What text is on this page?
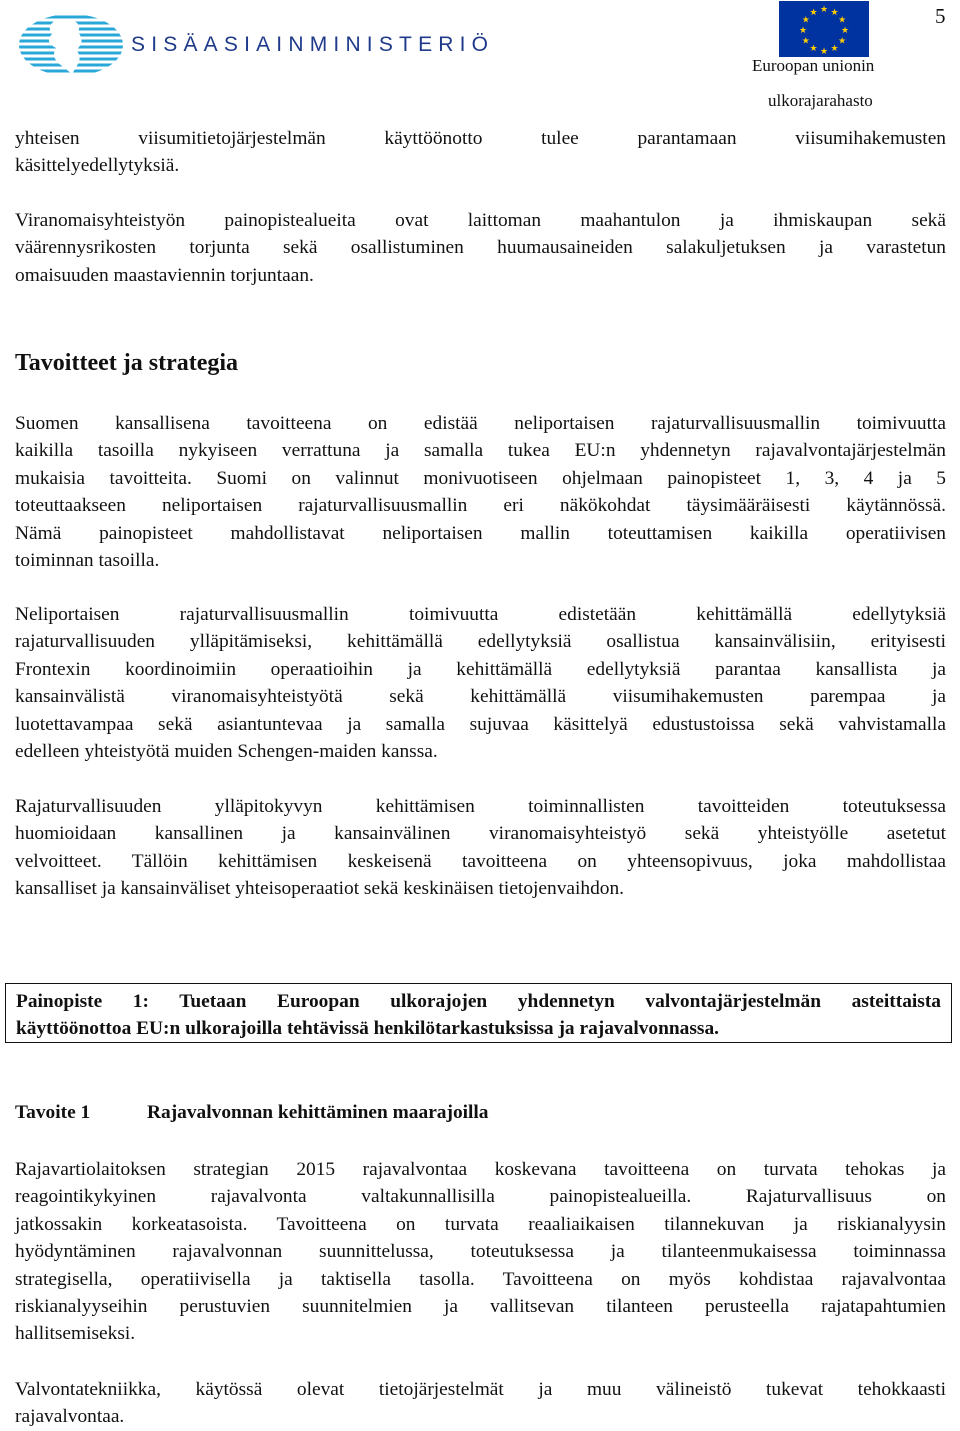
SISÄASIAINMINISTERIÖ
★ ★
★
★
★
★
★
★
★
★
★
★
Euroopan unionin
ulkorajarahasto
5
yhteisen viisumitietojärjestelmän käyttöönotto tulee parantamaan viisumihakemusten
käsittelyedellytyksiä.
Viranomaisyhteistyön painopistealueita ovat laittoman maahantulon ja ihmiskaupan sekä
väärennysrikosten torjunta sekä osallistuminen huumausaineiden salakuljetuksen ja varastetun
omaisuuden maastaviennin torjuntaan.
Tavoitteet ja strategia
Suomen kansallisena tavoitteena on edistää neliportaisen rajaturvallisuusmallin toimivuutta
kaikilla tasoilla nykyiseen verrattuna ja samalla tukea EU:n yhdennetyn rajavalvontajärjestelmän
mukaisia tavoitteita. Suomi on valinnut monivuotiseen ohjelmaan painopisteet 1, 3, 4 ja 5
toteuttaakseen neliportaisen rajaturvallisuusmallin eri näkökohdat täysimääräisesti käytännössä.
Nämä painopisteet mahdollistavat neliportaisen mallin toteuttamisen kaikilla operatiivisen
toiminnan tasoilla.
Neliportaisen rajaturvallisuusmallin toimivuutta edistetään kehittämällä edellytyksiä
rajaturvallisuuden ylläpitämiseksi, kehittämällä edellytyksiä osallistua kansainvälisiin, erityisesti
Frontexin koordinoimiin operaatioihin ja kehittämällä edellytyksiä parantaa kansallista ja
kansainvälistä viranomaisyhteistyötä sekä kehittämällä viisumihakemusten parempaa ja
luotettavampaa sekä asiantuntevaa ja samalla sujuvaa käsittelyä edustustoissa sekä vahvistamalla
edelleen yhteistyötä muiden Schengen-maiden kanssa.
Rajaturvallisuuden ylläpitokyvyn kehittämisen toiminnallisten tavoitteiden toteutuksessa
huomioidaan kansallinen ja kansainvälinen viranomaisyhteistyö sekä yhteistyölle asetetut
velvoitteet. Tällöin kehittämisen keskeisenä tavoitteena on yhteensopivuus, joka mahdollistaa
kansalliset ja kansainväliset yhteisoperaatiot sekä keskinäisen tietojenvaihdon.
Painopiste 1: Tuetaan Euroopan ulkorajojen yhdennetyn valvontajärjestelmän asteittaista
käyttöönottoa EU:n ulkorajoilla tehtävissä henkilötarkastuksissa ja rajavalvonnassa.
Tavoite 1	Rajavalvonnan kehittäminen maarajoilla
Rajavartiolaitoksen strategian 2015 rajavalvontaa koskevana tavoitteena on turvata tehokas ja
reagointikykyinen rajavalvonta valtakunnallisilla painopistealueilla. Rajaturvallisuus on
jatkossakin korkeatasoista. Tavoitteena on turvata reaaliaikaisen tilannekuvan ja riskianalyysin
hyödyntäminen rajavalvonnan suunnittelussa, toteutuksessa ja tilanteenmukaisessa toiminnassa
strategisella, operatiivisella ja taktisella tasolla. Tavoitteena on myös kohdistaa rajavalvontaa
riskianalyyseihin perustuvien suunnitelmien ja vallitsevan tilanteen perusteella rajatapahtumien
hallitsemiseksi.
Valvontatekniikka, käytössä olevat tietojärjestelmät ja muu välineistö tukevat tehokkaasti
rajavalvontaa.
